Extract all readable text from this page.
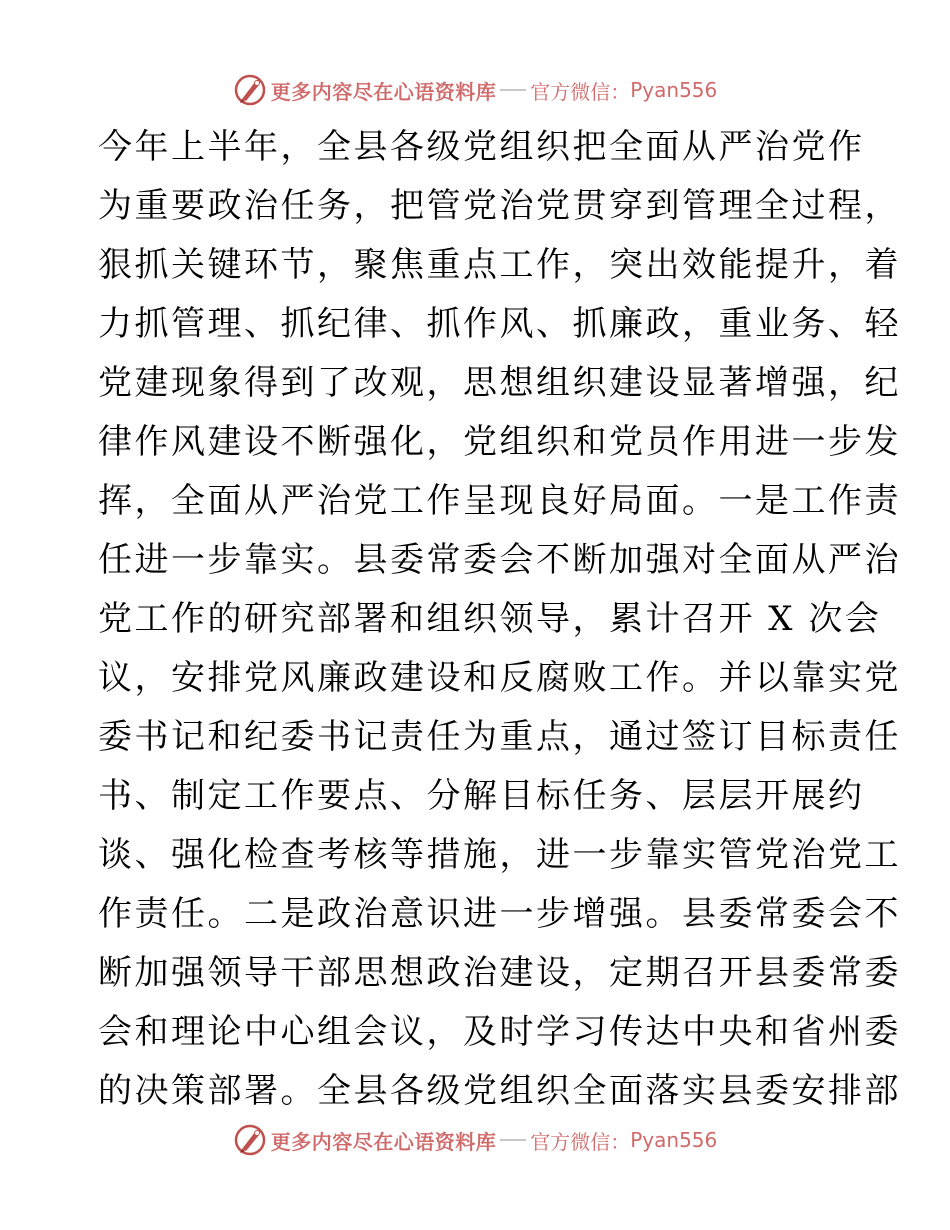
更多内容尽在心语资料库 官方微信： Pyan556
今年上半年，全县各级党组织把全面从严治党作
为重要政治任务，把管党治党贯穿到管理全过程，
狠抓关键环节，聚焦重点工作，突出效能提升，着
力抓管理、抓纪律、抓作风、抓廉政，重业务、轻
党建现象得到了改观，思想组织建设显著增强，纪
律作风建设不断强化，党组织和党员作用进一步发
挥，全面从严治党工作呈现良好局面。一是工作责
任进一步靠实。县委常委会不断加强对全面从严治
党工作的研究部署和组织领导，累计召开 X 次会
议，安排党风廉政建设和反腐败工作。并以靠实党
委书记和纪委书记责任为重点，通过签订目标责任
书、制定工作要点、分解目标任务、层层开展约
谈、强化检查考核等措施，进一步靠实管党治党工
作责任。二是政治意识进一步增强。县委常委会不
断加强领导干部思想政治建设，定期召开县委常委
会和理论中心组会议，及时学习传达中央和省州委
的决策部署。全县各级党组织全面落实县委安排部
更多内容尽在心语资料库 官方微信： Pyan556
